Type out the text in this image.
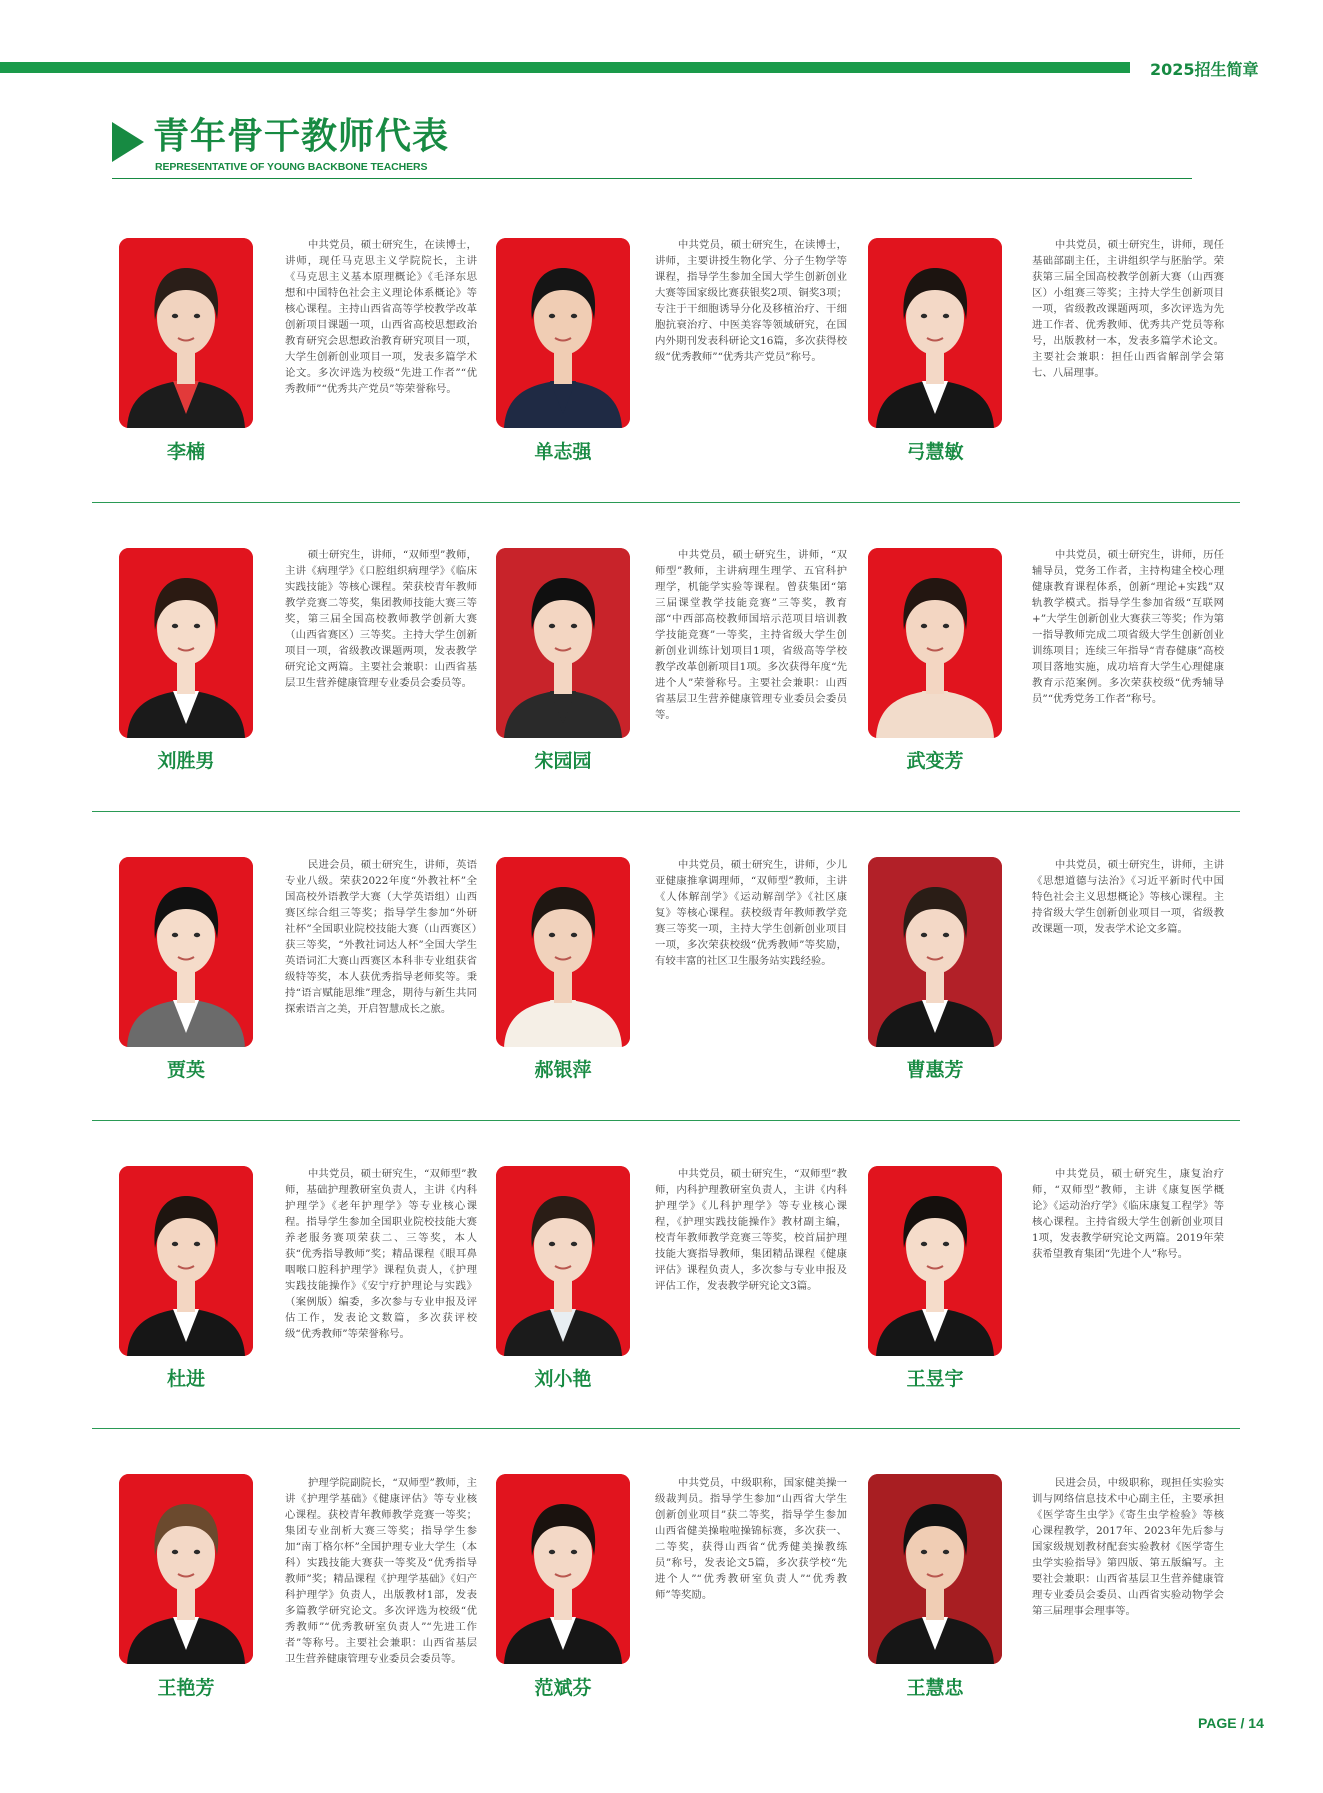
2025招生简章
青年骨干教师代表
REPRESENTATIVE OF YOUNG BACKBONE TEACHERS
李楠
中共党员，硕士研究生，在读博士，讲师，现任马克思主义学院院长，主讲《马克思主义基本原理概论》《毛泽东思想和中国特色社会主义理论体系概论》等核心课程。主持山西省高等学校教学改革创新项目课题一项，山西省高校思想政治教育研究会思想政治教育研究项目一项，大学生创新创业项目一项，发表多篇学术论文。多次评选为校级“先进工作者”“优秀教师”“优秀共产党员”等荣誉称号。
单志强
中共党员，硕士研究生，在读博士，讲师，主要讲授生物化学、分子生物学等课程，指导学生参加全国大学生创新创业大赛等国家级比赛获银奖2项、铜奖3项；专注于干细胞诱导分化及移植治疗、干细胞抗衰治疗、中医美容等领域研究，在国内外期刊发表科研论文16篇，多次获得校级“优秀教师”“优秀共产党员”称号。
弓慧敏
中共党员，硕士研究生，讲师，现任基础部副主任，主讲组织学与胚胎学。荣获第三届全国高校教学创新大赛（山西赛区）小组赛三等奖；主持大学生创新项目一项，省级教改课题两项，多次评选为先进工作者、优秀教师、优秀共产党员等称号，出版教材一本，发表多篇学术论文。主要社会兼职：担任山西省解剖学会第七、八届理事。
刘胜男
硕士研究生，讲师，“双师型”教师，主讲《病理学》《口腔组织病理学》《临床实践技能》等核心课程。荣获校青年教师教学竞赛二等奖，集团教师技能大赛三等奖，第三届全国高校教师教学创新大赛（山西省赛区）三等奖。主持大学生创新项目一项，省级教改课题两项，发表教学研究论文两篇。主要社会兼职：山西省基层卫生营养健康管理专业委员会委员等。
宋园园
中共党员，硕士研究生，讲师，“双师型”教师，主讲病理生理学、五官科护理学，机能学实验等课程。曾获集团“第三届课堂教学技能竞赛”三等奖，教育部“中西部高校教师国培示范项目培训教学技能竞赛”一等奖，主持省级大学生创新创业训练计划项目1项，省级高等学校教学改革创新项目1项。多次获得年度“先进个人”荣誉称号。主要社会兼职：山西省基层卫生营养健康管理专业委员会委员等。
武变芳
中共党员，硕士研究生，讲师，历任辅导员，党务工作者，主持构建全校心理健康教育课程体系，创新“理论+实践”双轨教学模式。指导学生参加省级“互联网+”大学生创新创业大赛获三等奖；作为第一指导教师完成二项省级大学生创新创业训练项目；连续三年指导“青春健康”高校项目落地实施，成功培育大学生心理健康教育示范案例。多次荣获校级“优秀辅导员”“优秀党务工作者”称号。
贾英
民进会员，硕士研究生，讲师，英语专业八级。荣获2022年度“外教社杯”全国高校外语教学大赛（大学英语组）山西赛区综合组三等奖；指导学生参加“外研社杯”全国职业院校技能大赛（山西赛区）获三等奖，“外教社词达人杯”全国大学生英语词汇大赛山西赛区本科非专业组获省级特等奖，本人获优秀指导老师奖等。秉持“语言赋能思维”理念，期待与新生共同探索语言之美，开启智慧成长之旅。
郝银萍
中共党员，硕士研究生，讲师，少儿亚健康推拿调理师，“双师型”教师，主讲《人体解剖学》《运动解剖学》《社区康复》等核心课程。获校级青年教师教学竞赛三等奖一项，主持大学生创新创业项目一项，多次荣获校级“优秀教师”等奖励，有较丰富的社区卫生服务站实践经验。
曹惠芳
中共党员，硕士研究生，讲师，主讲《思想道德与法治》《习近平新时代中国特色社会主义思想概论》等核心课程。主持省级大学生创新创业项目一项，省级教改课题一项，发表学术论文多篇。
杜进
中共党员，硕士研究生，“双师型”教师，基础护理教研室负责人，主讲《内科护理学》《老年护理学》等专业核心课程。指导学生参加全国职业院校技能大赛养老服务赛项荣获二、三等奖，本人获“优秀指导教师”奖；精品课程《眼耳鼻咽喉口腔科护理学》课程负责人，《护理实践技能操作》《安宁疗护理论与实践》（案例版）编委，多次参与专业申报及评估工作，发表论文数篇，多次获评校级“优秀教师”等荣誉称号。
刘小艳
中共党员，硕士研究生，“双师型”教师，内科护理教研室负责人，主讲《内科护理学》《儿科护理学》等专业核心课程，《护理实践技能操作》教材副主编，校青年教师教学竞赛三等奖，校首届护理技能大赛指导教师，集团精品课程《健康评估》课程负责人，多次参与专业申报及评估工作，发表教学研究论文3篇。
王昱宇
中共党员，硕士研究生，康复治疗师，“双师型”教师，主讲《康复医学概论》《运动治疗学》《临床康复工程学》等核心课程。主持省级大学生创新创业项目1项，发表教学研究论文两篇。2019年荣获希望教育集团“先进个人”称号。
王艳芳
护理学院副院长，“双师型”教师，主讲《护理学基础》《健康评估》等专业核心课程。获校青年教师教学竞赛一等奖；集团专业剖析大赛三等奖；指导学生参加“南丁格尔杯”全国护理专业大学生（本科）实践技能大赛获一等奖及“优秀指导教师”奖；精品课程《护理学基础》《妇产科护理学》负责人，出版教材1部，发表多篇教学研究论文。多次评选为校级“优秀教师”“优秀教研室负责人”“先进工作者”等称号。主要社会兼职：山西省基层卫生营养健康管理专业委员会委员等。
范斌芬
中共党员，中级职称，国家健美操一级裁判员。指导学生参加“山西省大学生创新创业项目”获二等奖，指导学生参加山西省健美操啦啦操锦标赛，多次获一、二等奖，获得山西省“优秀健美操教练员”称号，发表论文5篇，多次获学校“先进个人”“优秀教研室负责人”“优秀教师”等奖励。
王慧忠
民进会员，中级职称，现担任实验实训与网络信息技术中心副主任，主要承担《医学寄生虫学》《寄生虫学检验》等核心课程教学，2017年、2023年先后参与国家级规划教材配套实验教材《医学寄生虫学实验指导》第四版、第五版编写。主要社会兼职：山西省基层卫生营养健康管理专业委员会委员、山西省实验动物学会第三届理事会理事等。
PAGE / 14
